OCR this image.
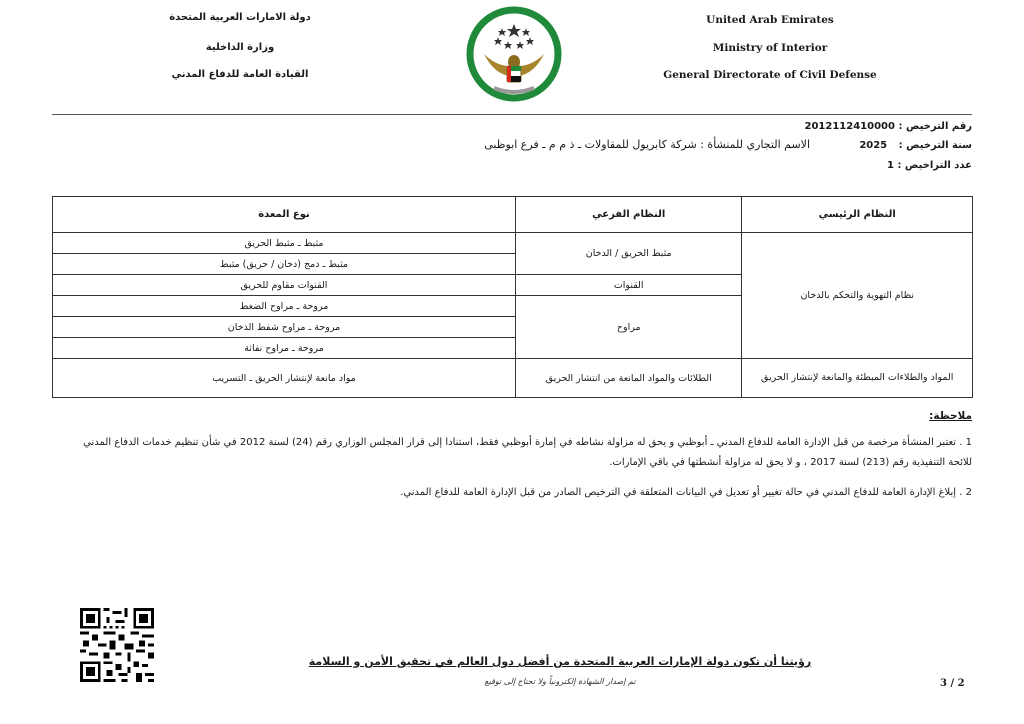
دولة الامارات العربية المتحدة
وزارة الداخلية
القيادة العامة للدفاع المدني
United Arab Emirates
Ministry of Interior
General Directorate of Civil Defense
رقم الترخيص : 2012112410000
سنة الترخيص : 2025
الاسم التجاري للمنشأة : شركة كابريول للمقاولات ـ ذ م م ـ فرع ابوظبى
عدد التراخيص : 1
النظام الرئيسي	النظام الفرعي	نوع المعدة
نظام التهوية والتحكم بالدخان	مثبط الحريق / الدخان	مثبط ـ مثبط الحريق
		مثبط ـ دمج (دخان / حريق) مثبط
	القنوات	القنوات مقاوم للحريق
	مراوح	مروحة ـ مراوح الضغط
		مروحة ـ مراوح شفط الدخان
		مروحة ـ مراوح نفاثة
المواد والطلاءات المبطئة والمانعة لإنتشار الحريق	الطلائات والمواد المانعة من انتشار الحريق	مواد مانعة لإنتشار الحريق ـ التسريب
ملاحظة:
1 . تعتبر المنشأة مرخصة من قبل الإدارة العامة للدفاع المدني ـ أبوظبي و يحق له مزاولة نشاطه في إمارة أبوظبي فقط، استنادا إلى قرار المجلس الوزاري رقم (24) لسنة 2012 في شأن تنظيم خدمات الدفاع المدني للائحة التنفيذية رقم (213) لسنة 2017 ، و لا يحق له مزاولة أنشطتها في باقي الإمارات.
2 . إبلاغ الإدارة العامة للدفاع المدني في حالة تغيير أو تعديل في البيانات المتعلقة في الترخيص الصادر من قبل الإدارة العامة للدفاع المدني.
رؤيتنا أن تكون دولة الإمارات العربية المتحدة من أفضل دول العالم في تحقيق الأمن و السلامة
تم إصدار الشهادة إلكترونياً ولا تحتاج إلى توقيع	3 / 2
